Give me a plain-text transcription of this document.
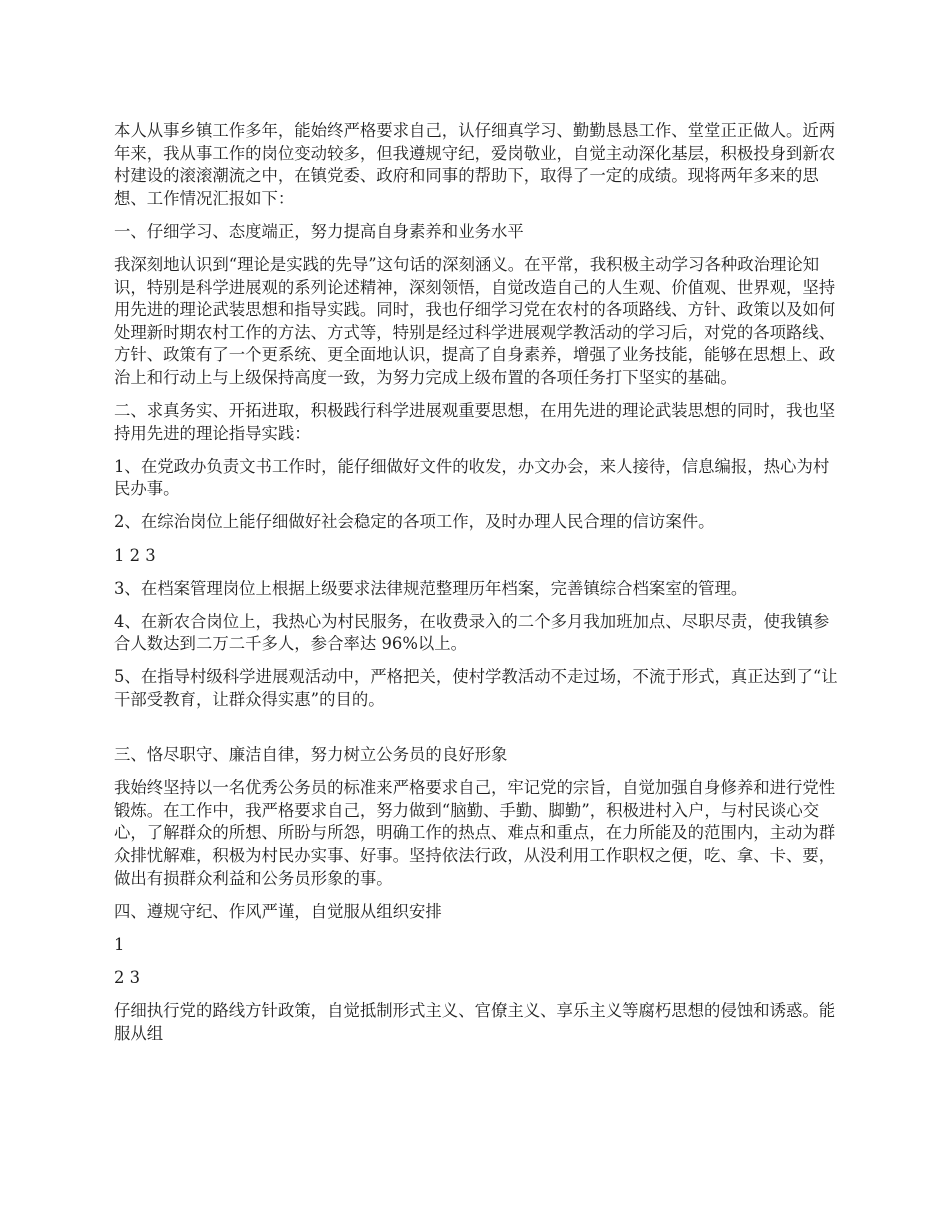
本人从事乡镇工作多年，能始终严格要求自己，认仔细真学习、勤勤恳恳工作、堂堂正正做人。近两年来，我从事工作的岗位变动较多，但我遵规守纪，爱岗敬业，自觉主动深化基层，积极投身到新农村建设的滚滚潮流之中，在镇党委、政府和同事的帮助下，取得了一定的成绩。现将两年多来的思想、工作情况汇报如下：

一、仔细学习、态度端正，努力提高自身素养和业务水平

我深刻地认识到“理论是实践的先导”这句话的深刻涵义。在平常，我积极主动学习各种政治理论知识，特别是科学进展观的系列论述精神，深刻领悟，自觉改造自己的人生观、价值观、世界观，坚持用先进的理论武装思想和指导实践。同时，我也仔细学习党在农村的各项路线、方针、政策以及如何处理新时期农村工作的方法、方式等，特别是经过科学进展观学教活动的学习后，对党的各项路线、方针、政策有了一个更系统、更全面地认识，提高了自身素养，增强了业务技能，能够在思想上、政治上和行动上与上级保持高度一致，为努力完成上级布置的各项任务打下坚实的基础。

二、求真务实、开拓进取，积极践行科学进展观重要思想，在用先进的理论武装思想的同时，我也坚持用先进的理论指导实践：

1、在党政办负责文书工作时，能仔细做好文件的收发，办文办会，来人接待，信息编报，热心为村民办事。

2、在综治岗位上能仔细做好社会稳定的各项工作，及时办理人民合理的信访案件。

1 2 3

3、在档案管理岗位上根据上级要求法律规范整理历年档案，完善镇综合档案室的管理。

4、在新农合岗位上，我热心为村民服务，在收费录入的二个多月我加班加点、尽职尽责，使我镇参合人数达到二万二千多人，参合率达 96%以上。

5、在指导村级科学进展观活动中，严格把关，使村学教活动不走过场，不流于形式，真正达到了“让干部受教育，让群众得实惠”的目的。

三、恪尽职守、廉洁自律，努力树立公务员的良好形象

我始终坚持以一名优秀公务员的标准来严格要求自己，牢记党的宗旨，自觉加强自身修养和进行党性锻炼。在工作中，我严格要求自己，努力做到“脑勤、手勤、脚勤”，积极进村入户，与村民谈心交心，了解群众的所想、所盼与所怨，明确工作的热点、难点和重点，在力所能及的范围内，主动为群众排忧解难，积极为村民办实事、好事。坚持依法行政，从没利用工作职权之便，吃、拿、卡、要，做出有损群众利益和公务员形象的事。

四、遵规守纪、作风严谨，自觉服从组织安排

1

2 3

仔细执行党的路线方针政策，自觉抵制形式主义、官僚主义、享乐主义等腐朽思想的侵蚀和诱惑。能服从组
